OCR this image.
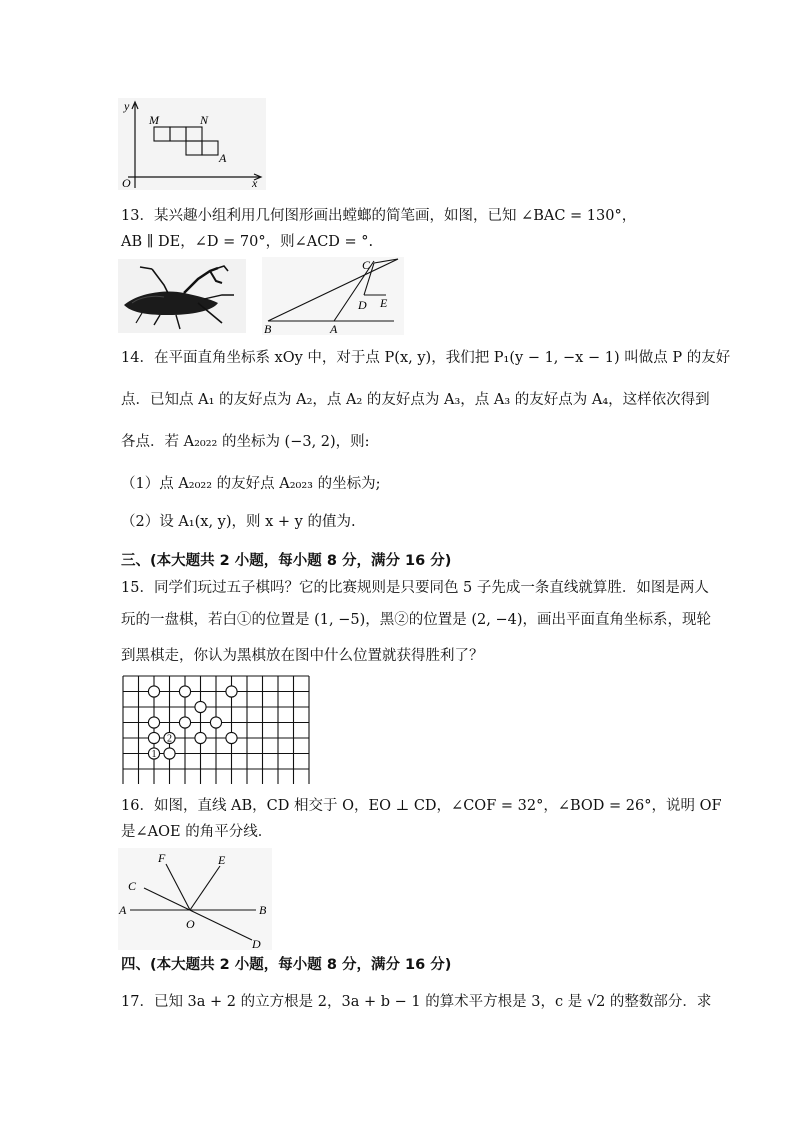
y
x
O
M	N
A
13．某兴趣小组利用几何图形画出螳螂的简笔画，如图，已知 ∠BAC = 130°，
AB ∥ DE，∠D = 70°，则∠ACD = °.
C
D E
B	A
14．在平面直角坐标系 xOy 中，对于点 P(x, y)，我们把 P₁(y − 1, −x − 1) 叫做点 P 的友好
点．已知点 A₁ 的友好点为 A₂，点 A₂ 的友好点为 A₃，点 A₃ 的友好点为 A₄，这样依次得到
各点．若 A₂₀₂₂ 的坐标为 (−3, 2)，则:
（1）点 A₂₀₂₂ 的友好点 A₂₀₂₃ 的坐标为;
（2）设 A₁(x, y)，则 x + y 的值为.
三、(本大题共 2 小题，每小题 8 分，满分 16 分)
15．同学们玩过五子棋吗？它的比赛规则是只要同色 5 子先成一条直线就算胜．如图是两人
玩的一盘棋，若白①的位置是 (1, −5)，黑②的位置是 (2, −4)，画出平面直角坐标系，现轮
到黑棋走，你认为黑棋放在图中什么位置就获得胜利了？
1
2
16．如图，直线 AB，CD 相交于 O，EO ⊥ CD，∠COF = 32°，∠BOD = 26°，说明 OF
是∠AOE 的角平分线．
F	E
C
A
O
B
D
四、(本大题共 2 小题，每小题 8 分，满分 16 分)
17．已知 3a + 2 的立方根是 2，3a + b − 1 的算术平方根是 3，c 是 √2 的整数部分．求
